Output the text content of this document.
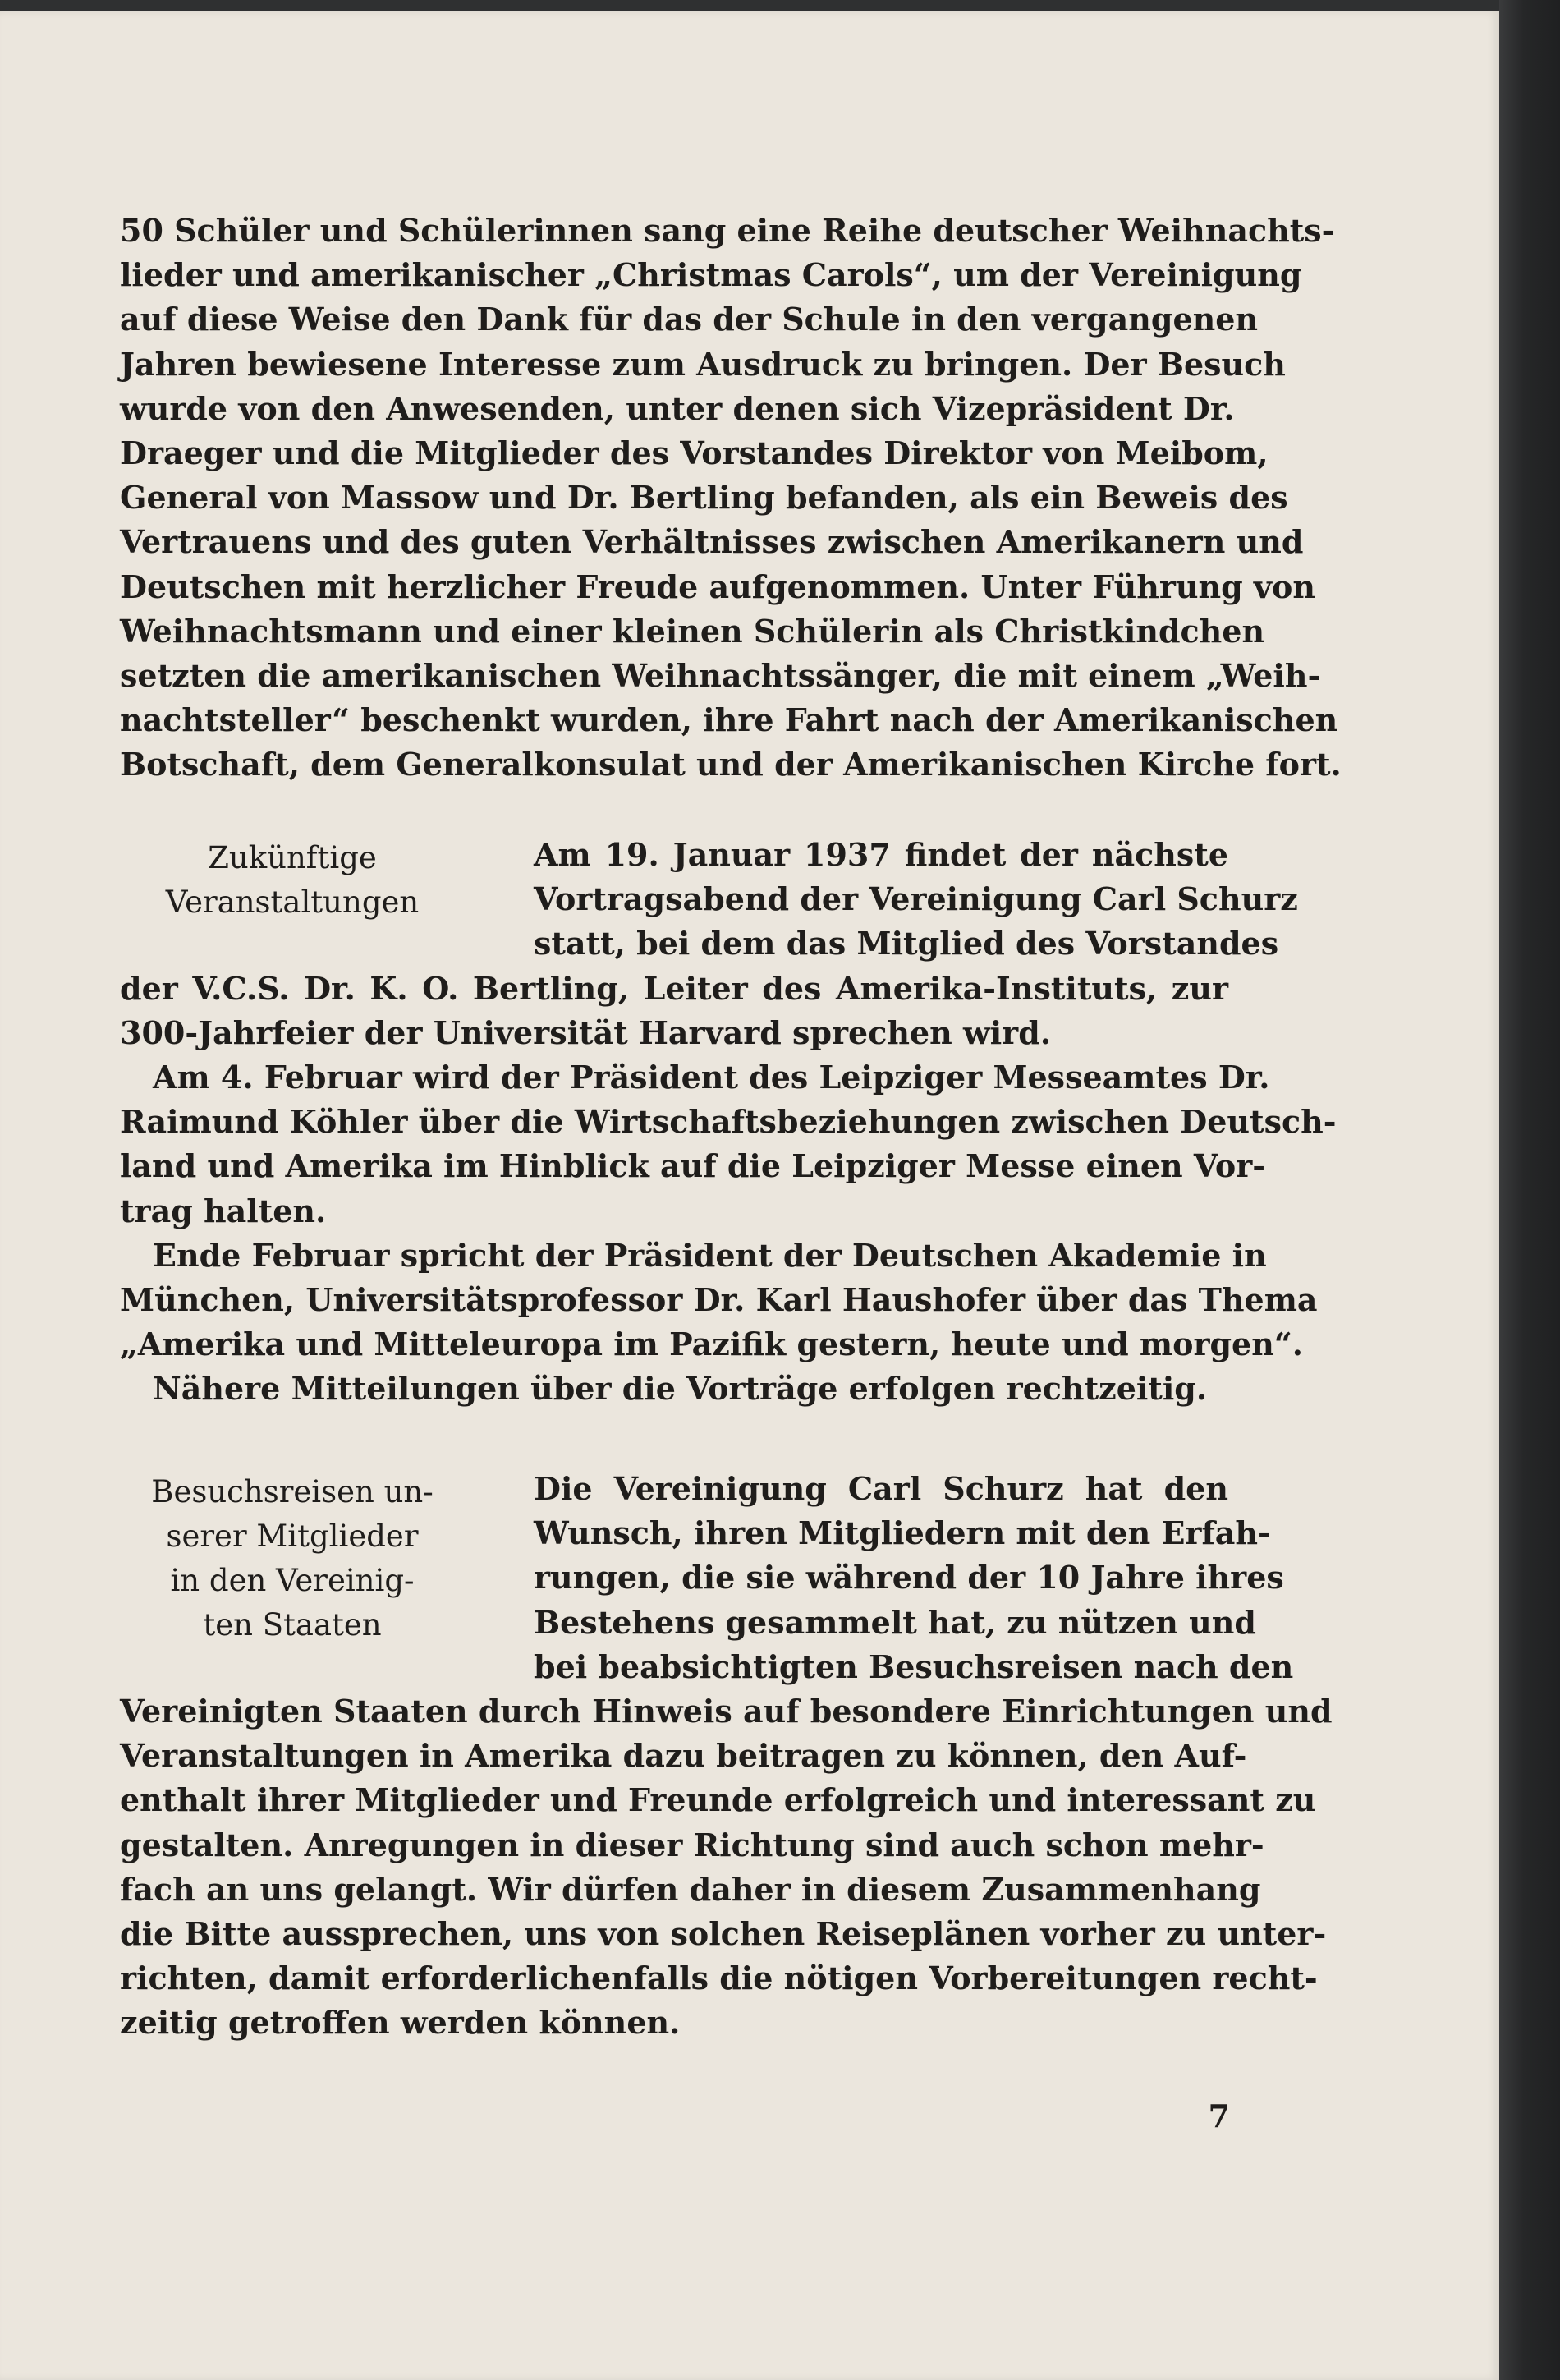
50 Schüler und Schülerinnen sang eine Reihe deutscher Weihnachts-
lieder und amerikanischer „Christmas Carols“, um der Vereinigung
auf diese Weise den Dank für das der Schule in den vergangenen
Jahren bewiesene Interesse zum Ausdruck zu bringen. Der Besuch
wurde von den Anwesenden, unter denen sich Vizepräsident Dr.
Draeger und die Mitglieder des Vorstandes Direktor von Meibom,
General von Massow und Dr. Bertling befanden, als ein Beweis des
Vertrauens und des guten Verhältnisses zwischen Amerikanern und
Deutschen mit herzlicher Freude aufgenommen. Unter Führung von
Weihnachtsmann und einer kleinen Schülerin als Christkindchen
setzten die amerikanischen Weihnachtssänger, die mit einem „Weih-
nachtsteller“ beschenkt wurden, ihre Fahrt nach der Amerikanischen
Botschaft, dem Generalkonsulat und der Amerikanischen Kirche fort.
Zukünftige
Veranstaltungen
Am 19. Januar 1937 findet der nächste
Vortragsabend der Vereinigung Carl Schurz
statt, bei dem das Mitglied des Vorstandes
der V.C.S. Dr. K. O. Bertling, Leiter des Amerika-Instituts, zur
300-Jahrfeier der Universität Harvard sprechen wird.
Am 4. Februar wird der Präsident des Leipziger Messeamtes Dr.
Raimund Köhler über die Wirtschaftsbeziehungen zwischen Deutsch-
land und Amerika im Hinblick auf die Leipziger Messe einen Vor-
trag halten.
Ende Februar spricht der Präsident der Deutschen Akademie in
München, Universitätsprofessor Dr. Karl Haushofer über das Thema
„Amerika und Mitteleuropa im Pazifik gestern, heute und morgen“.
Nähere Mitteilungen über die Vorträge erfolgen rechtzeitig.
Besuchsreisen un-
serer Mitglieder
in den Vereinig-
ten Staaten
Die Vereinigung Carl Schurz hat den
Wunsch, ihren Mitgliedern mit den Erfah-
rungen, die sie während der 10 Jahre ihres
Bestehens gesammelt hat, zu nützen und
bei beabsichtigten Besuchsreisen nach den
Vereinigten Staaten durch Hinweis auf besondere Einrichtungen und
Veranstaltungen in Amerika dazu beitragen zu können, den Auf-
enthalt ihrer Mitglieder und Freunde erfolgreich und interessant zu
gestalten. Anregungen in dieser Richtung sind auch schon mehr-
fach an uns gelangt. Wir dürfen daher in diesem Zusammenhang
die Bitte aussprechen, uns von solchen Reiseplänen vorher zu unter-
richten, damit erforderlichenfalls die nötigen Vorbereitungen recht-
zeitig getroffen werden können.
7
